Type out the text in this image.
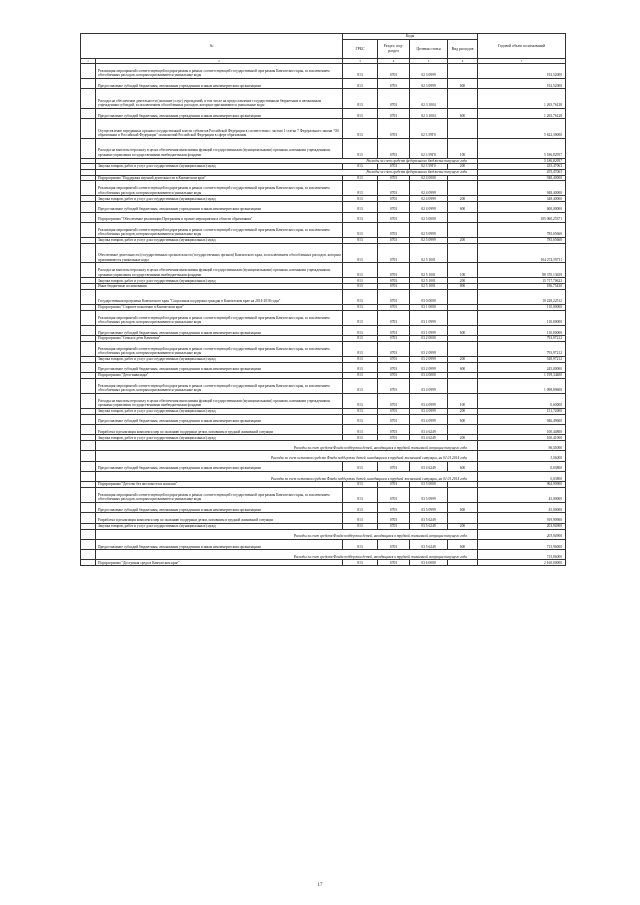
№		Коды				Годовой объем ассигнований
		ГРБС	Раздел, под-раздел	Целевая статья	Вид расходов	
1	2	3	4	5	6	7
	Реализация мероприятий соответствующей подпрограммы в рамках соответствующей государственной программы Камчатского края, за исключением обособленных расходов, которым присваиваются уникальные коды	813	0703	02 3 0999		192,52000
	Предоставление субсидий бюджетным, автономным учреждениям и иным некоммерческим организациям	813	0703	02 3 0999	600	192,52000
	Расходы на обеспечение деятельности (оказание услуг) учреждений, в том числе на предоставление государственным бюджетным и автономным учреждениям субсидий, за исключением обособленных расходов, которым присваиваются уникальные коды	813	0703	02 3 1004		1 265,76128
	Предоставление субсидий бюджетным, автономным учреждениям и иным некоммерческим организациям	813	0703	02 3 1004	600	1 265,76128
	Осуществление переданных органам государственной власти субъектов Российской Федерации в соответствии с частью 1 статьи 7 Федерального закона "Об образовании в Российской Федерации" полномочий Российской Федерации в сфере образования	813	0703	02 3 59Г0		5 622,30000
	Расходы на выплаты персоналу в целях обеспечения выполнения функций государственными (муниципальными) органами, казенными учреждениями, органами управления государственными внебюджетными фондами	813	0703	02 3 59Г0	100	5 186,82957
	Расходы за счет средств федерального бюджета текущего года					5 186,82957
	Закупка товаров, работ и услуг для государственных (муниципальных) нужд	813	0703	02 3 59Г0	200	435,47063
	Расходы за счет средств федерального бюджета текущего года					435,47063
	Подпрограмма "Поддержка научной деятельности в Камчатском крае"	813	0703	02 4 0000		948,40000
	Реализация мероприятий соответствующей подпрограммы в рамках соответствующей государственной программы Камчатского края, за исключением обособленных расходов, которым присваиваются уникальные коды	813	0703	02 4 0999		948,40000
	Закупка товаров, работ и услуг для государственных (муниципальных) нужд	813	0703	02 4 0999	200	348,40000
	Предоставление субсидий бюджетным, автономным учреждениям и иным некоммерческим организациям	813	0703	02 4 0999	600	600,00000
	Подпрограмма "Обеспечение реализации Программы и прочие мероприятия в области образования"	813	0703	02 5 0000		105 060,25371
	Реализация мероприятий соответствующей подпрограммы в рамках соответствующей государственной программы Камчатского края, за исключением обособленных расходов, которым присваиваются уникальные коды	813	0703	02 5 0999		785,65660
	Закупка товаров, работ и услуг для государственных (муниципальных) нужд	813	0703	02 5 0999	200	785,65660
	Обеспечение деятельности (государственных органов власти (государственных органов) Камчатского края, за исключением обособленных расходов, которым присваиваются уникальные коды	813	0703	02 5 1001		104 274,59711
	Расходы на выплаты персоналу в целях обеспечения выполнения функций государственными (муниципальными) органами, казенными учреждениями, органами управления государственными внебюджетными фондами	813	0703	02 5 1001	100	88 370,13659
	Закупка товаров, работ и услуг для государственных (муниципальных) нужд	813	0703	02 5 1001	200	15 717,70622
	Иные бюджетные ассигнования	813	0703	02 5 1001	800	186,75430
	Государственная программа Камчатского края "Социальная поддержка граждан в Камчатском крае на 2014-2018 годы"	813	0703	03 0 0000		10 228,22512
	Подпрограмма "Старшее поколение в Камчатском крае"	813	0703	03 1 0000		110,00000
	Реализация мероприятий соответствующей подпрограммы в рамках соответствующей государственной программы Камчатского края, за исключением обособленных расходов, которым присваиваются уникальные коды	813	0703	03 1 0999		110,00000
	Предоставление субсидий бюджетным, автономным учреждениям и иным некоммерческим организациям	813	0703	03 1 0999	600	110,00000
	Подпрограмма "Семья и дети Камчатки"	813	0703	03 2 0000		793,97212
	Реализация мероприятий соответствующей подпрограммы в рамках соответствующей государственной программы Камчатского края, за исключением обособленных расходов, которым присваиваются уникальные коды	813	0703	03 2 0999		793,97212
	Закупка товаров, работ и услуг для государственных (муниципальных) нужд	813	0703	03 2 0999	200	548,97212
	Предоставление субсидий бюджетным, автономным учреждениям и иным некоммерческим организациям	813	0703	03 2 0999	600	245,00000
	Подпрограмма "Дети-инвалиды"	813	0703	03 4 0000		1 199,34400
	Реализация мероприятий соответствующей подпрограммы в рамках соответствующей государственной программы Камчатского края, за исключением обособленных расходов, которым присваиваются уникальные коды	813	0703	03 4 0999		1 098,89600
	Расходы на выплаты персоналу в целях обеспечения выполнения функций государственными (муниципальными) органами, казенными учреждениями, органами управления государственными внебюджетными фондами	813	0703	03 4 0999	100	0,60000
	Закупка товаров, работ и услуг для государственных (муниципальных) нужд	813	0703	03 4 0999	200	151,72000
	Предоставление субсидий бюджетным, автономным учреждениям и иным некоммерческим организациям	813	0703	03 4 0999	600	946,49600
	Разработка и реализация комплекса мер по оказанию поддержки детям, попавшим в трудной жизненной ситуации	813	0703	03 4 6249		100,44800
	Закупка товаров, работ и услуг для государственных (муниципальных) нужд	813	0703	03 4 6249	200	100,41000
	Расходы за счет средств Фонда поддержки детей, находящихся в трудной жизненной ситуации текущего года					96,55000
	Расходы за счет остатков средств Фонда поддержки детей, находящихся в трудной жизненной ситуации, на 01.01.2014 года					3,56000
	Предоставление субсидий бюджетным, автономным учреждениям и иным некоммерческим организациям	813	0703	03 4 6249	600	0,03800
	Расходы за счет остатков средств Фонда поддержки детей, находящихся в трудной жизненной ситуации, на 01.01.2014 года					0,03800
	Подпрограмма "Детство без жестокости и насилия"	813	0703	03 5 0000		964,90900
	Реализация мероприятий соответствующей подпрограммы в рамках соответствующей государственной программы Камчатского края, за исключением обособленных расходов, которым присваиваются уникальные коды	813	0703	03 5 0999		45,00000
	Предоставление субсидий бюджетным, автономным учреждениям и иным некоммерческим организациям	813	0703	03 5 0999	600	45,00000
	Разработка и реализация комплекса мер по оказанию поддержки детям, попавшим в трудной жизненной ситуации	813	0703	03 5 6249		919,90900
	Закупка товаров, работ и услуг для государственных (муниципальных) нужд	813	0703	03 5 6249	200	203,94900
	Расходы за счет средств Фонда поддержки детей, находящихся в трудной жизненной ситуации текущего года					203,94900
	Предоставление субсидий бюджетным, автономным учреждениям и иным некоммерческим организациям	813	0703	03 5 6249	600	715,96000
	Расходы за счет средств Фонда поддержки детей, находящихся в трудной жизненной ситуации текущего года					715,96000
	Подпрограмма "Доступная среда в Камчатском крае"	813	0703	03 6 0000		2 160,00000
17
